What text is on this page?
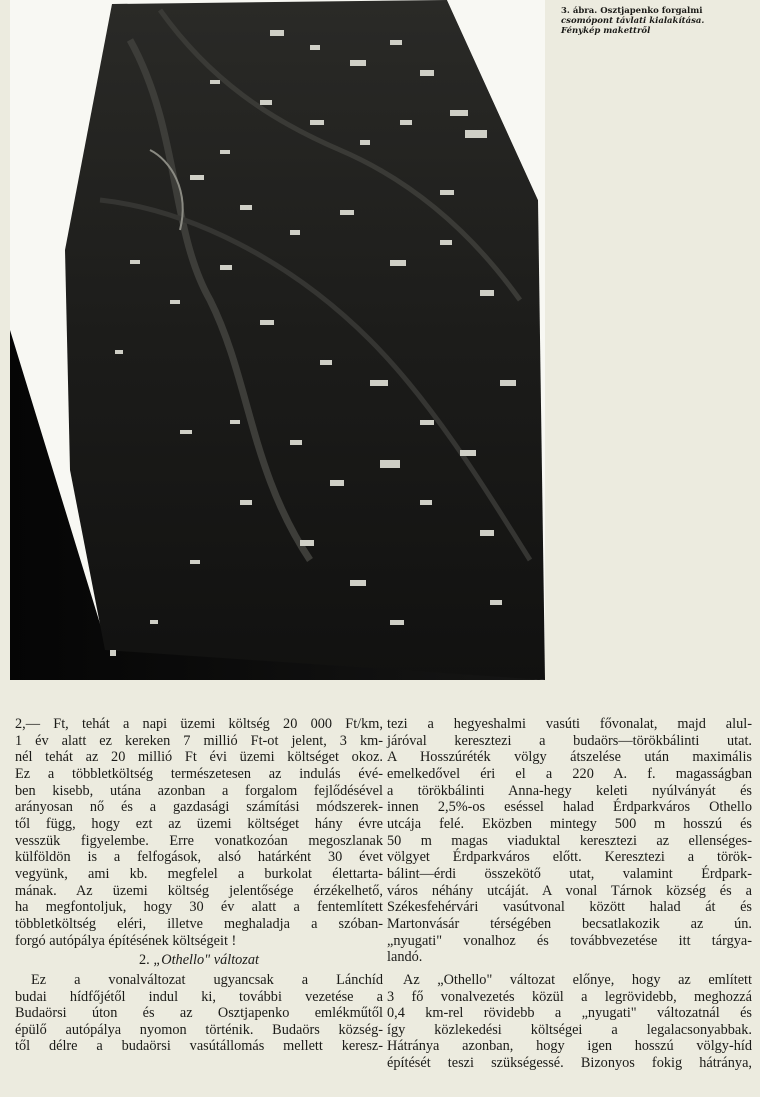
3. ábra. Osztjapenko forgalmi
csomópont távlati kialakítása.
Fénykép makettről

2,— Ft, tehát a napi üzemi költség 20 000 Ft/km,
1 év alatt ez kereken 7 millió Ft-ot jelent, 3 km-
nél tehát az 20 millió Ft évi üzemi költséget okoz.
Ez a többletköltség természetesen az indulás évé-
ben kisebb, utána azonban a forgalom fejlődésével
arányosan nő és a gazdasági számítási módszerek-
től függ, hogy ezt az üzemi költséget hány évre
vesszük figyelembe. Erre vonatkozóan megoszlanak
külföldön is a felfogások, alsó határként 30 évet
vegyünk, ami kb. megfelel a burkolat élettarta-
mának. Az üzemi költség jelentősége érzékelhető,
ha megfontoljuk, hogy 30 év alatt a fentemlített
többletköltség eléri, illetve meghaladja a szóban-
forgó autópálya építésének költségeit !

2. „Othello" változat

Ez a vonalváltozat ugyancsak a Lánchíd
budai hídfőjétől indul ki, további vezetése a
Budaörsi úton és az Osztjapenko emlékműtől
épülő autópálya nyomon történik. Budaörs község-
től délre a budaörsi vasútállomás mellett keresz-

tezi a hegyeshalmi vasúti fővonalat, majd alul-
járóval keresztezi a budaörs—törökbálinti utat.
A Hosszúréték völgy átszelése után maximális
emelkedővel éri el a 220 A. f. magasságban
a törökbálinti Anna-hegy keleti nyúlványát és
innen 2,5%-os eséssel halad Érdparkváros Othello
utcája felé. Eközben mintegy 500 m hosszú és
50 m magas viaduktal keresztezi az ellenséges-
völgyet Érdparkváros előtt. Keresztezi a török-
bálint—érdi összekötő utat, valamint Érdpark-
város néhány utcáját. A vonal Tárnok község és a
Székesfehérvári vasútvonal között halad át és
Martonvásár térségében becsatlakozik az ún.
„nyugati" vonalhoz és továbbvezetése itt tárgya-
landó.

Az „Othello" változat előnye, hogy az említett
3 fő vonalvezetés közül a legrövidebb, meghozzá
0,4 km-rel rövidebb a „nyugati" változatnál és
így közlekedési költségei a legalacsonyabbak.
Hátránya azonban, hogy igen hosszú völgy-híd
építését teszi szükségessé. Bizonyos fokig hátránya,
